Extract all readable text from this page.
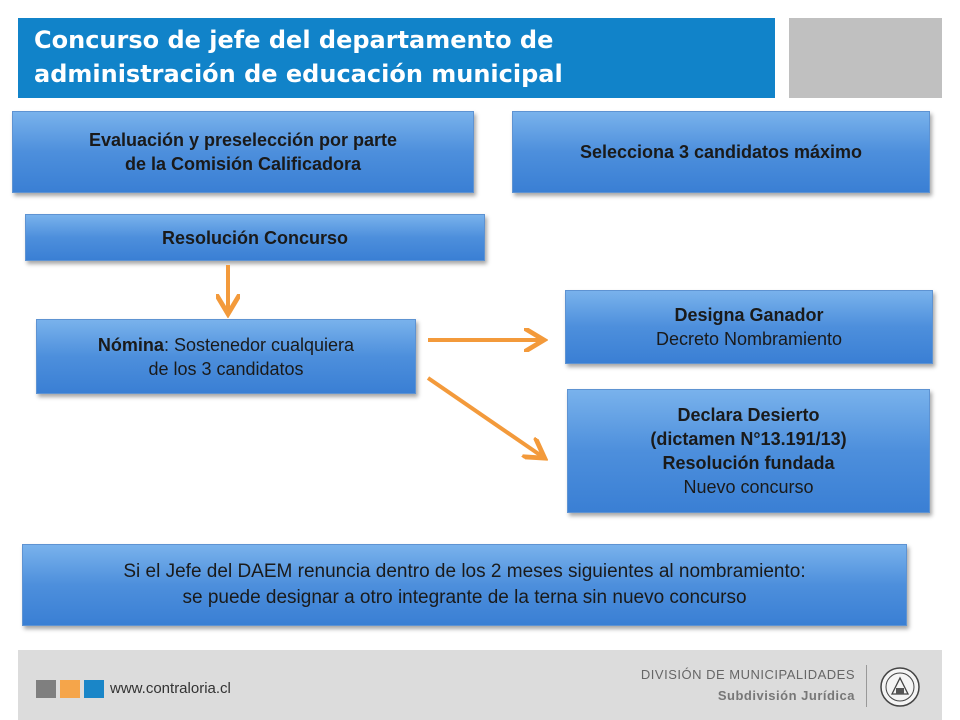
Concurso de jefe del departamento de
administración de educación municipal
Evaluación y preselección por parte
de la Comisión Calificadora
Selecciona 3 candidatos máximo
Resolución Concurso
Nómina: Sostenedor cualquiera
de los 3 candidatos
Designa Ganador
Decreto Nombramiento
Declara Desierto
(dictamen N°13.191/13)
Resolución fundada
Nuevo concurso
Si el Jefe del DAEM renuncia dentro de los 2 meses siguientes al nombramiento:
se puede designar a otro integrante de la terna sin nuevo concurso
www.contraloria.cl
DIVISIÓN DE MUNICIPALIDADES
Subdivisión Jurídica
